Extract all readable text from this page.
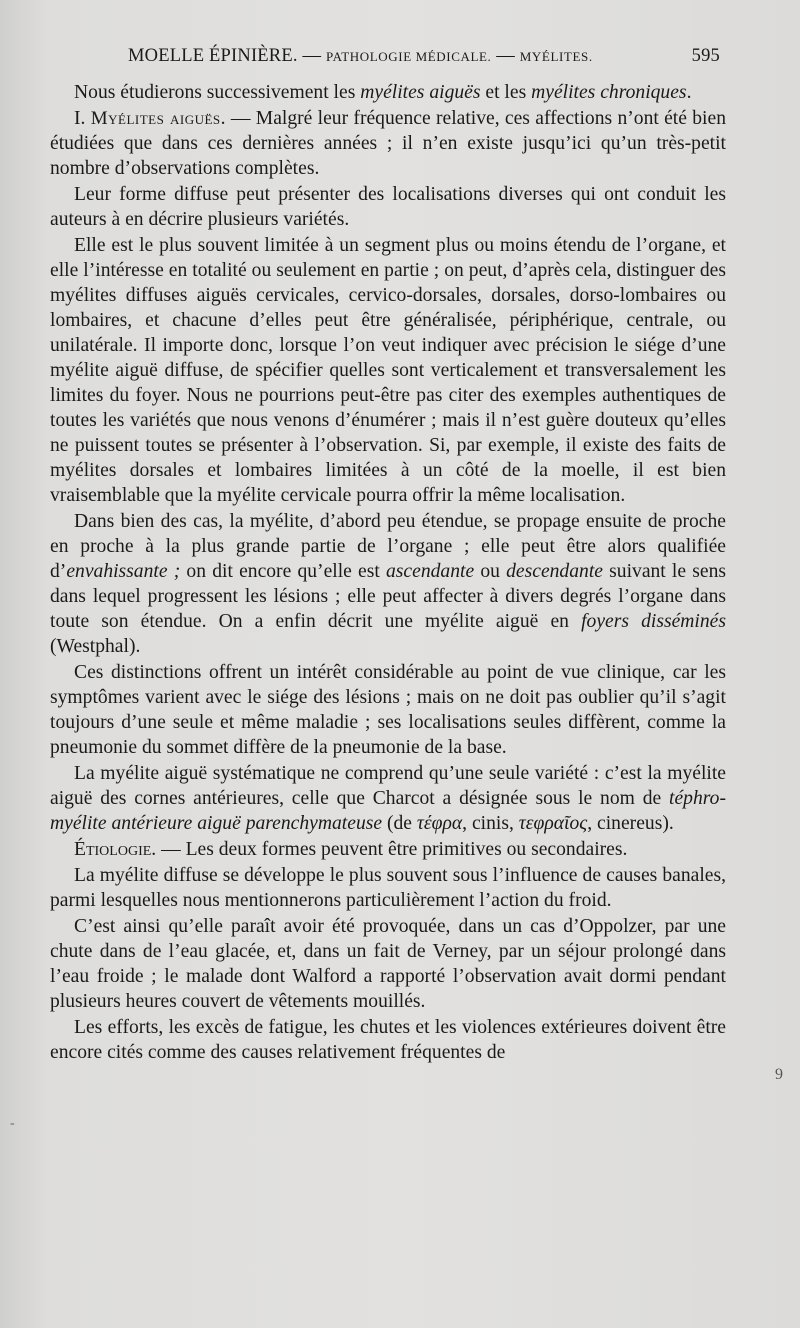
MOELLE ÉPINIÈRE. — PATHOLOGIE MÉDICALE. — MYÉLITES.	595

Nous étudierons successivement les myélites aiguës et les myélites chroniques.

I. Myélites aiguës. — Malgré leur fréquence relative, ces affections n’ont été bien étudiées que dans ces dernières années ; il n’en existe jusqu’ici qu’un très-petit nombre d’observations complètes.

Leur forme diffuse peut présenter des localisations diverses qui ont conduit les auteurs à en décrire plusieurs variétés.

Elle est le plus souvent limitée à un segment plus ou moins étendu de l’organe, et elle l’intéresse en totalité ou seulement en partie ; on peut, d’après cela, distinguer des myélites diffuses aiguës cervicales, cervico-dorsales, dorsales, dorso-lombaires ou lombaires, et chacune d’elles peut être généralisée, périphérique, centrale, ou unilatérale. Il importe donc, lorsque l’on veut indiquer avec précision le siége d’une myélite aiguë diffuse, de spécifier quelles sont verticalement et transversalement les limites du foyer. Nous ne pourrions peut-être pas citer des exemples authentiques de toutes les variétés que nous venons d’énumérer ; mais il n’est guère douteux qu’elles ne puissent toutes se présenter à l’observation. Si, par exemple, il existe des faits de myélites dorsales et lombaires limitées à un côté de la moelle, il est bien vraisemblable que la myélite cervicale pourra offrir la même localisation.

Dans bien des cas, la myélite, d’abord peu étendue, se propage ensuite de proche en proche à la plus grande partie de l’organe ; elle peut être alors qualifiée d’envahissante ; on dit encore qu’elle est ascendante ou descendante suivant le sens dans lequel progressent les lésions ; elle peut affecter à divers degrés l’organe dans toute son étendue. On a enfin décrit une myélite aiguë en foyers disséminés (Westphal).

Ces distinctions offrent un intérêt considérable au point de vue clinique, car les symptômes varient avec le siége des lésions ; mais on ne doit pas oublier qu’il s’agit toujours d’une seule et même maladie ; ses localisations seules diffèrent, comme la pneumonie du sommet diffère de la pneumonie de la base.

La myélite aiguë systématique ne comprend qu’une seule variété : c’est la myélite aiguë des cornes antérieures, celle que Charcot a désignée sous le nom de téphro-myélite antérieure aiguë parenchymateuse (de τέφρα, cinis, τεφραῖος, cinereus).

Étiologie. — Les deux formes peuvent être primitives ou secondaires.

La myélite diffuse se développe le plus souvent sous l’influence de causes banales, parmi lesquelles nous mentionnerons particulièrement l’action du froid.

C’est ainsi qu’elle paraît avoir été provoquée, dans un cas d’Oppolzer, par une chute dans de l’eau glacée, et, dans un fait de Verney, par un séjour prolongé dans l’eau froide ; le malade dont Walford a rapporté l’observation avait dormi pendant plusieurs heures couvert de vêtements mouillés.

Les efforts, les excès de fatigue, les chutes et les violences extérieures doivent être encore cités comme des causes relativement fréquentes de

9
-
